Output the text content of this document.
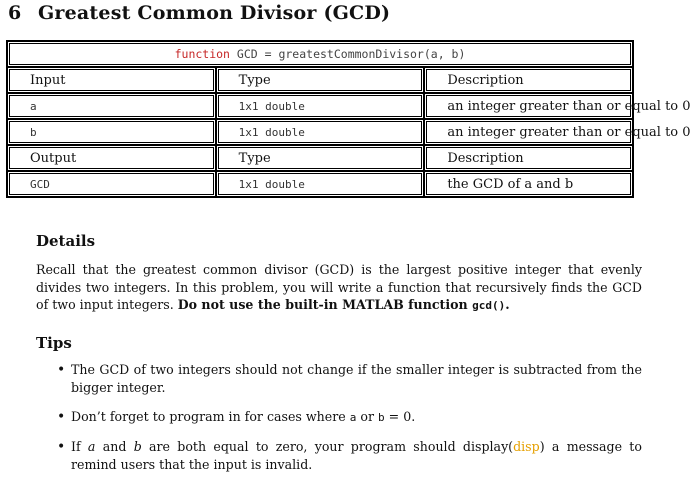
6 Greatest Common Divisor (GCD)
function GCD = greatestCommonDivisor(a, b)		
Input	Type	Description
a	1x1 double	an integer greater than or equal to 0
b	1x1 double	an integer greater than or equal to 0
Output	Type	Description
GCD	1x1 double	the GCD of a and b
Details

Recall that the greatest common divisor (GCD) is the largest positive integer that evenly divides two integers. In this problem, you will write a function that recursively finds the GCD of two input integers. Do not use the built-in MATLAB function gcd().

Tips
• The GCD of two integers should not change if the smaller integer is subtracted from the bigger integer.
• Don’t forget to program in for cases where a or b = 0.
• If a and b are both equal to zero, your program should display(disp) a message to remind users that the input is invalid.
